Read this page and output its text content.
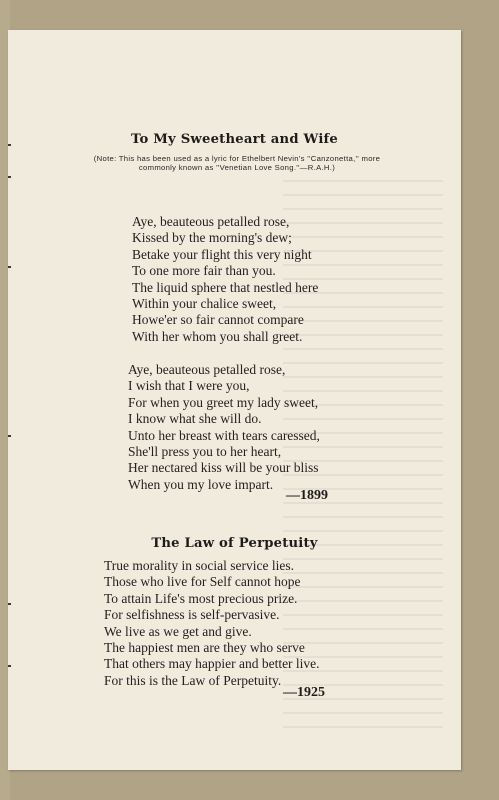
To My Sweetheart and Wife
(Note: This has been used as a lyric for Ethelbert Nevin's ''Canzonetta,'' more commonly known as ''Venetian Love Song.''—R.A.H.)
Aye, beauteous petalled rose,
Kissed by the morning's dew;
Betake your flight this very night
To one more fair than you.
The liquid sphere that nestled here
Within your chalice sweet,
Howe'er so fair cannot compare
With her whom you shall greet.
Aye, beauteous petalled rose,
I wish that I were you,
For when you greet my lady sweet,
I know what she will do.
Unto her breast with tears caressed,
She'll press you to her heart,
Her nectared kiss will be your bliss
When you my love impart.
—1899
The Law of Perpetuity
True morality in social service lies.
Those who live for Self cannot hope
To attain Life's most precious prize.
For selfishness is self-pervasive.
We live as we get and give.
The happiest men are they who serve
That others may happier and better live.
For this is the Law of Perpetuity.
—1925
